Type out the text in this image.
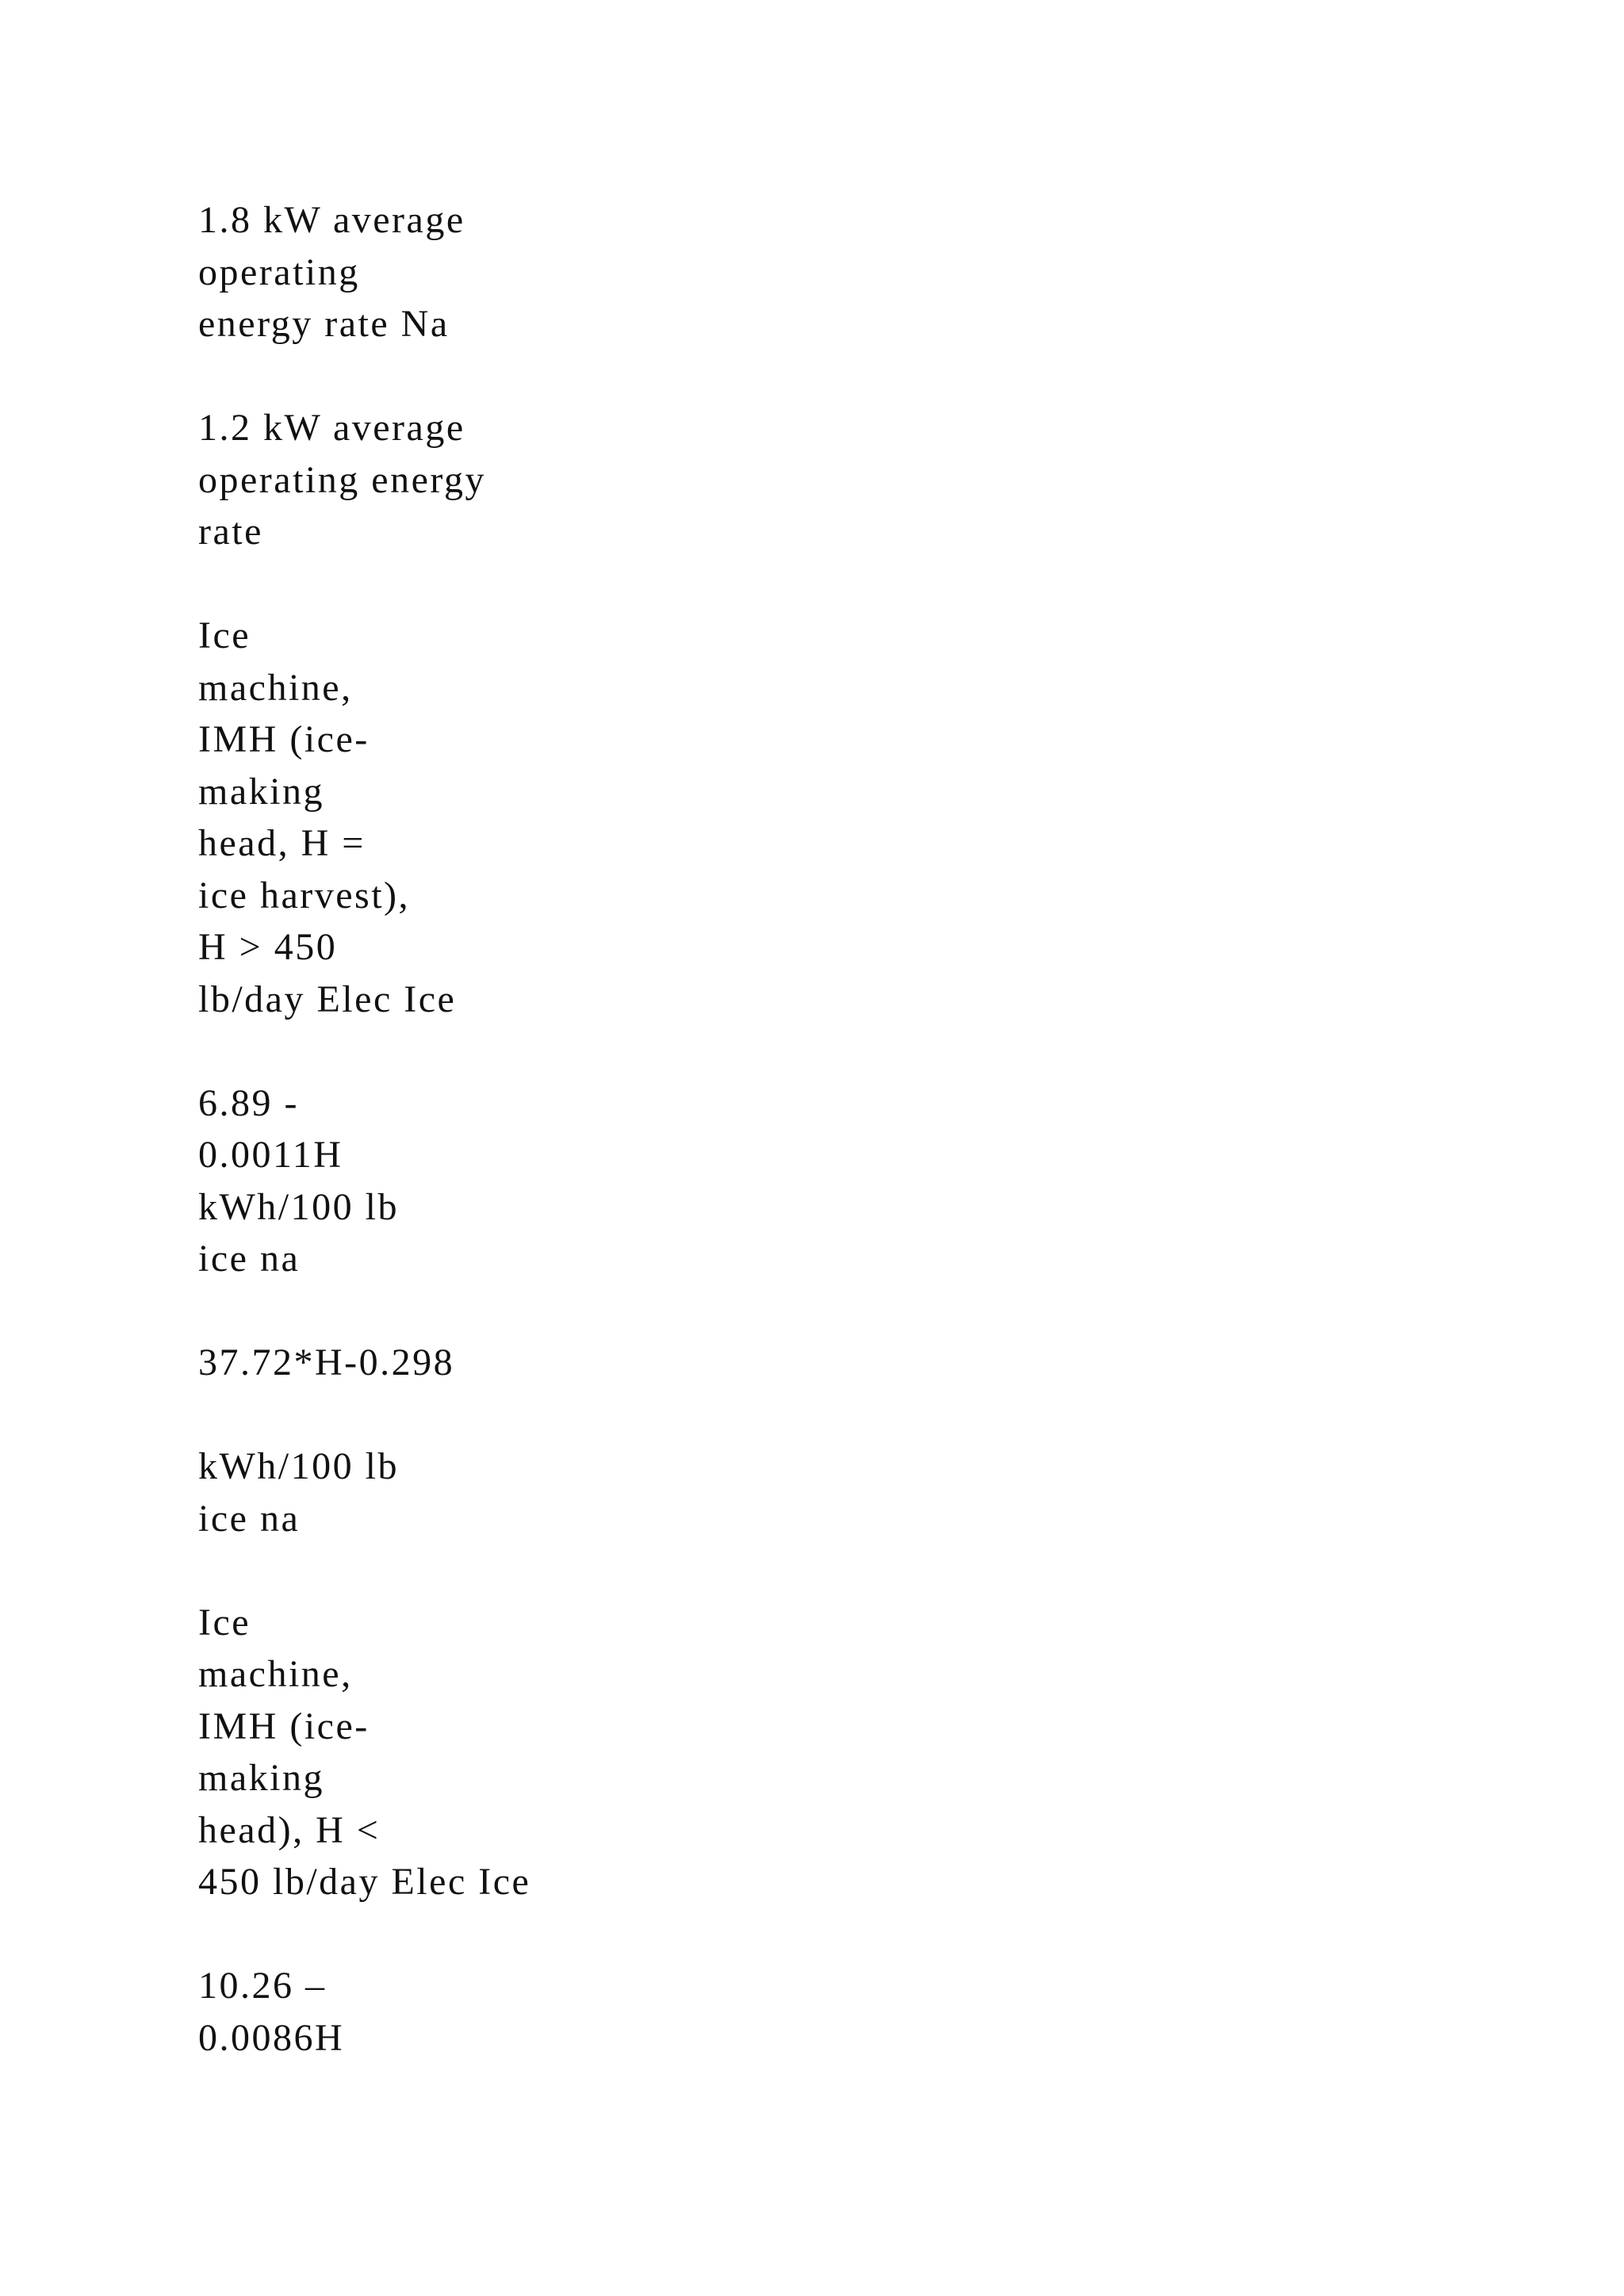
1.8 kW average
operating
energy rate Na
1.2 kW average
operating energy
rate
Ice
machine,
IMH (ice-
making
head, H =
ice harvest),
H > 450
lb/day Elec Ice
6.89 -
0.0011H
kWh/100 lb
ice na
37.72*H-0.298
kWh/100 lb
ice na
Ice
machine,
IMH (ice-
making
head), H <
450 lb/day Elec Ice
10.26 –
0.0086H
